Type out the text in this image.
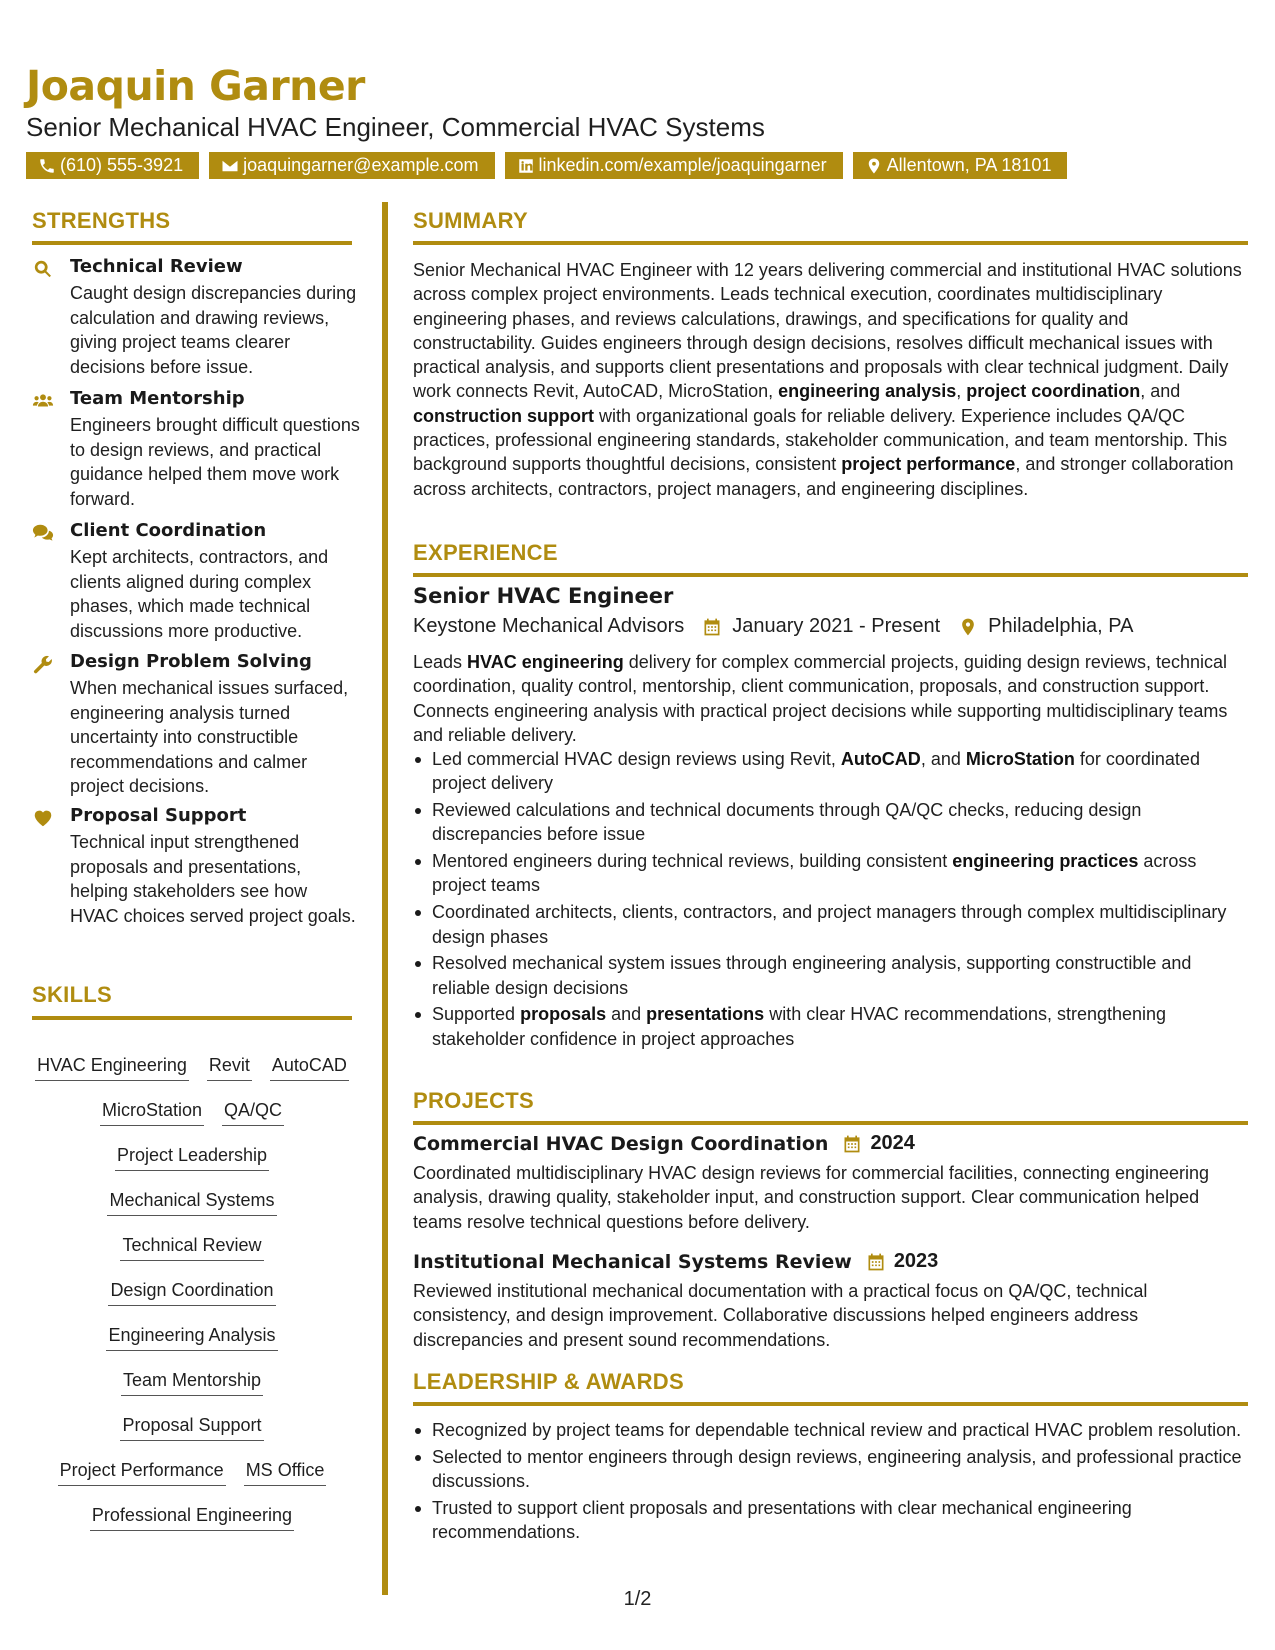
Joaquin Garner
Senior Mechanical HVAC Engineer, Commercial HVAC Systems
(610) 555-3921	joaquingarner@example.com	linkedin.com/example/joaquingarner	Allentown, PA 18101
STRENGTHS
Technical Review
Caught design discrepancies during calculation and drawing reviews, giving project teams clearer decisions before issue.
Team Mentorship
Engineers brought difficult questions to design reviews, and practical guidance helped them move work forward.
Client Coordination
Kept architects, contractors, and clients aligned during complex phases, which made technical discussions more productive.
Design Problem Solving
When mechanical issues surfaced, engineering analysis turned uncertainty into constructible recommendations and calmer project decisions.
Proposal Support
Technical input strengthened proposals and presentations, helping stakeholders see how HVAC choices served project goals.
SKILLS
HVAC Engineering Revit AutoCAD
MicroStation QA/QC
Project Leadership
Mechanical Systems
Technical Review
Design Coordination
Engineering Analysis
Team Mentorship
Proposal Support
Project Performance MS Office
Professional Engineering
SUMMARY
Senior Mechanical HVAC Engineer with 12 years delivering commercial and institutional HVAC solutions across complex project environments. Leads technical execution, coordinates multidisciplinary engineering phases, and reviews calculations, drawings, and specifications for quality and constructability. Guides engineers through design decisions, resolves difficult mechanical issues with practical analysis, and supports client presentations and proposals with clear technical judgment. Daily work connects Revit, AutoCAD, MicroStation, engineering analysis, project coordination, and construction support with organizational goals for reliable delivery. Experience includes QA/QC practices, professional engineering standards, stakeholder communication, and team mentorship. This background supports thoughtful decisions, consistent project performance, and stronger collaboration across architects, contractors, project managers, and engineering disciplines.
EXPERIENCE
Senior HVAC Engineer
Keystone Mechanical Advisors January 2021 - Present Philadelphia, PA
Leads HVAC engineering delivery for complex commercial projects, guiding design reviews, technical coordination, quality control, mentorship, client communication, proposals, and construction support. Connects engineering analysis with practical project decisions while supporting multidisciplinary teams and reliable delivery.
Led commercial HVAC design reviews using Revit, AutoCAD, and MicroStation for coordinated project delivery
Reviewed calculations and technical documents through QA/QC checks, reducing design discrepancies before issue
Mentored engineers during technical reviews, building consistent engineering practices across project teams
Coordinated architects, clients, contractors, and project managers through complex multidisciplinary design phases
Resolved mechanical system issues through engineering analysis, supporting constructible and reliable design decisions
Supported proposals and presentations with clear HVAC recommendations, strengthening stakeholder confidence in project approaches
PROJECTS
Commercial HVAC Design Coordination 2024
Coordinated multidisciplinary HVAC design reviews for commercial facilities, connecting engineering analysis, drawing quality, stakeholder input, and construction support. Clear communication helped teams resolve technical questions before delivery.
Institutional Mechanical Systems Review 2023
Reviewed institutional mechanical documentation with a practical focus on QA/QC, technical consistency, and design improvement. Collaborative discussions helped engineers address discrepancies and present sound recommendations.
LEADERSHIP & AWARDS
Recognized by project teams for dependable technical review and practical HVAC problem resolution.
Selected to mentor engineers through design reviews, engineering analysis, and professional practice discussions.
Trusted to support client proposals and presentations with clear mechanical engineering recommendations.
1/2
